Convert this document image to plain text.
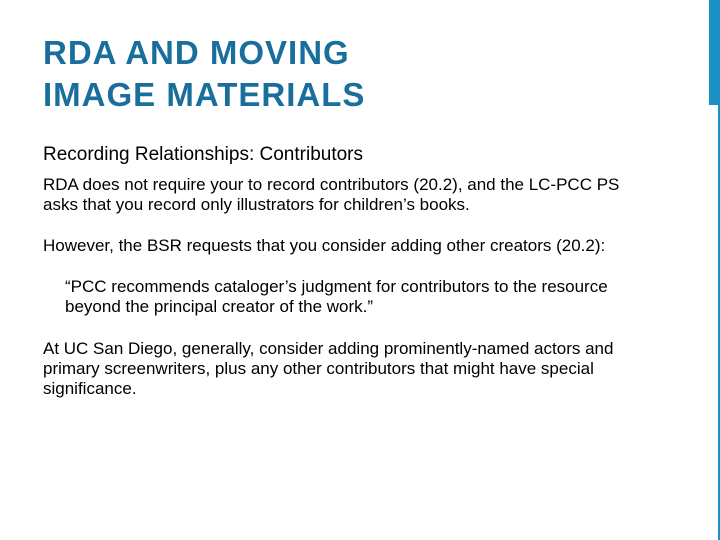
RDA AND MOVING
IMAGE MATERIALS
Recording Relationships: Contributors

RDA does not require your to record contributors (20.2), and the LC-PCC PS asks that you record only illustrators for children’s books.

However, the BSR requests that you consider adding other creators (20.2):

“PCC recommends cataloger’s judgment for contributors to the resource beyond the principal creator of the work.”

At UC San Diego, generally, consider adding prominently-named actors and primary screenwriters, plus any other contributors that might have special significance.
